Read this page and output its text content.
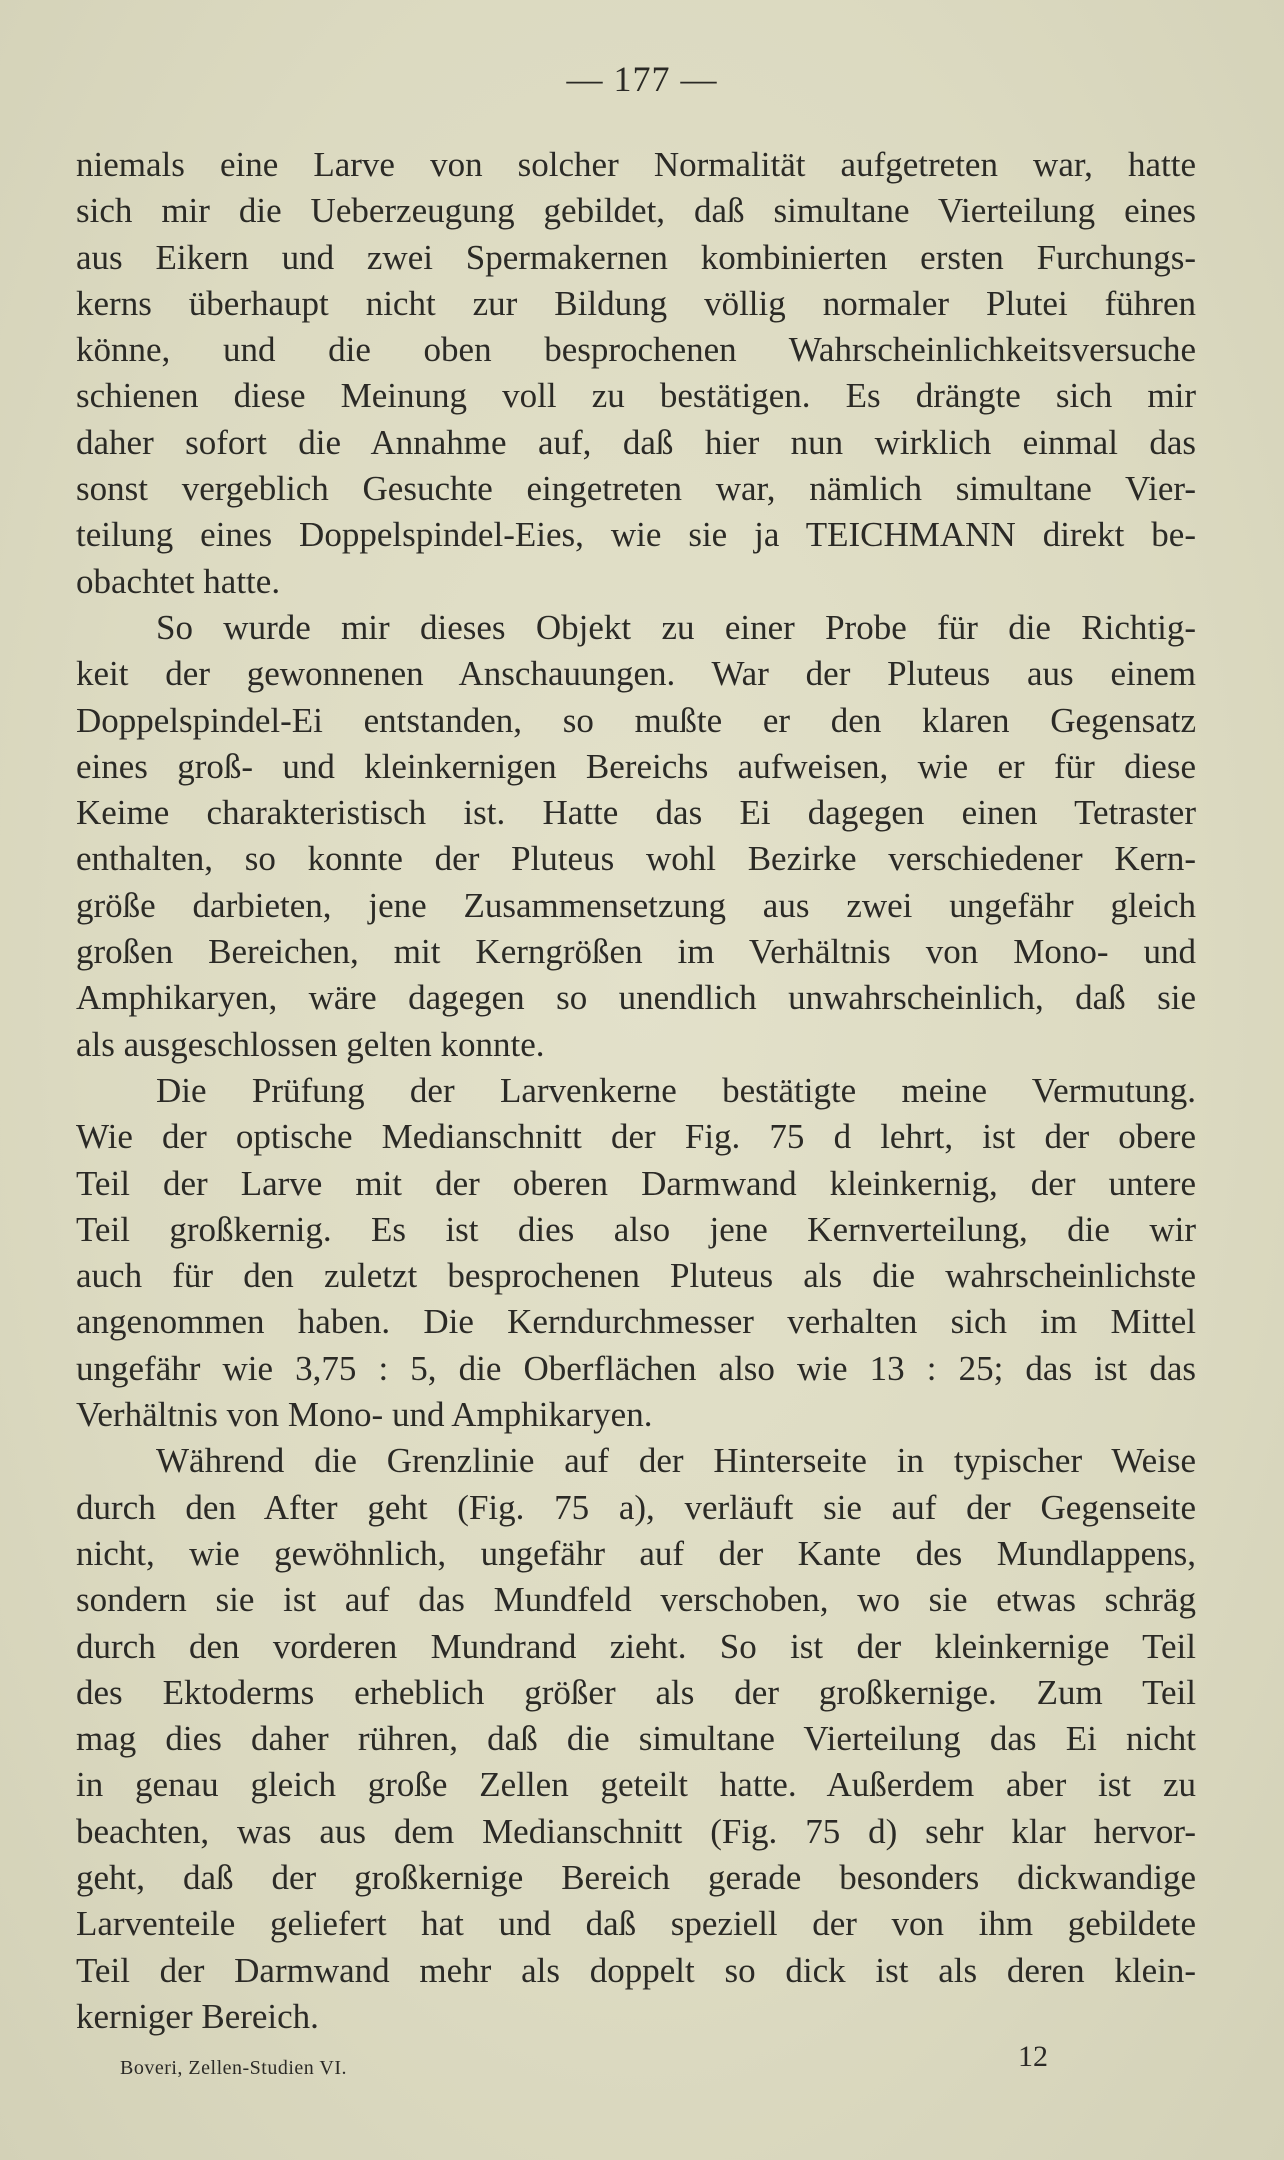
— 177 —
niemals eine Larve von solcher Normalität aufgetreten war, hatte
sich mir die Ueberzeugung gebildet, daß simultane Vierteilung eines
aus Eikern und zwei Spermakernen kombinierten ersten Furchungs-
kerns überhaupt nicht zur Bildung völlig normaler Plutei führen
könne, und die oben besprochenen Wahrscheinlichkeitsversuche
schienen diese Meinung voll zu bestätigen. Es drängte sich mir
daher sofort die Annahme auf, daß hier nun wirklich einmal das
sonst vergeblich Gesuchte eingetreten war, nämlich simultane Vier-
teilung eines Doppelspindel-Eies, wie sie ja TEICHMANN direkt be-
obachtet hatte.
So wurde mir dieses Objekt zu einer Probe für die Richtig-
keit der gewonnenen Anschauungen. War der Pluteus aus einem
Doppelspindel-Ei entstanden, so mußte er den klaren Gegensatz
eines groß- und kleinkernigen Bereichs aufweisen, wie er für diese
Keime charakteristisch ist. Hatte das Ei dagegen einen Tetraster
enthalten, so konnte der Pluteus wohl Bezirke verschiedener Kern-
größe darbieten, jene Zusammensetzung aus zwei ungefähr gleich
großen Bereichen, mit Kerngrößen im Verhältnis von Mono- und
Amphikaryen, wäre dagegen so unendlich unwahrscheinlich, daß sie
als ausgeschlossen gelten konnte.
Die Prüfung der Larvenkerne bestätigte meine Vermutung.
Wie der optische Medianschnitt der Fig. 75 d lehrt, ist der obere
Teil der Larve mit der oberen Darmwand kleinkernig, der untere
Teil großkernig. Es ist dies also jene Kernverteilung, die wir
auch für den zuletzt besprochenen Pluteus als die wahrscheinlichste
angenommen haben. Die Kerndurchmesser verhalten sich im Mittel
ungefähr wie 3,75 : 5, die Oberflächen also wie 13 : 25; das ist das
Verhältnis von Mono- und Amphikaryen.
Während die Grenzlinie auf der Hinterseite in typischer Weise
durch den After geht (Fig. 75 a), verläuft sie auf der Gegenseite
nicht, wie gewöhnlich, ungefähr auf der Kante des Mundlappens,
sondern sie ist auf das Mundfeld verschoben, wo sie etwas schräg
durch den vorderen Mundrand zieht. So ist der kleinkernige Teil
des Ektoderms erheblich größer als der großkernige. Zum Teil
mag dies daher rühren, daß die simultane Vierteilung das Ei nicht
in genau gleich große Zellen geteilt hatte. Außerdem aber ist zu
beachten, was aus dem Medianschnitt (Fig. 75 d) sehr klar hervor-
geht, daß der großkernige Bereich gerade besonders dickwandige
Larventeile geliefert hat und daß speziell der von ihm gebildete
Teil der Darmwand mehr als doppelt so dick ist als deren klein-
kerniger Bereich.
Boveri, Zellen-Studien VI.	12
